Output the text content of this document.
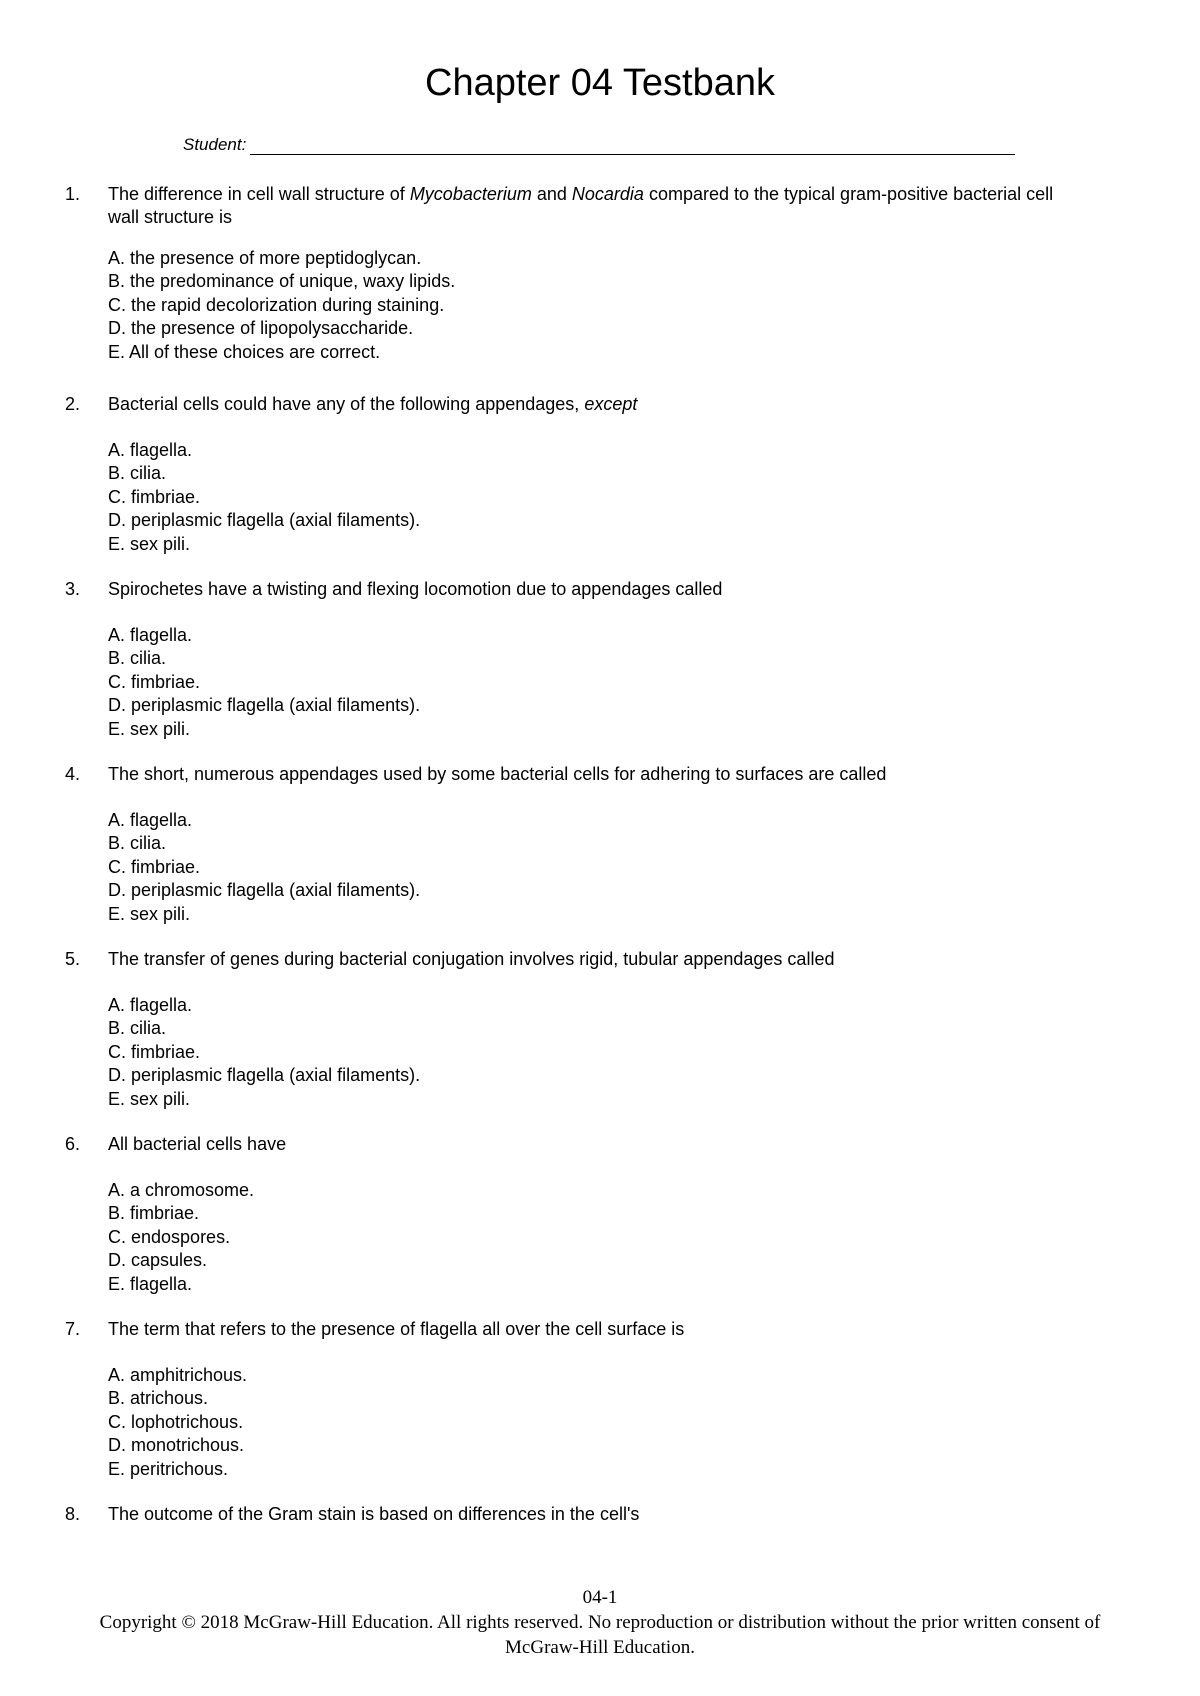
Chapter 04 Testbank
Student:
1. The difference in cell wall structure of Mycobacterium and Nocardia compared to the typical gram-positive bacterial cell wall structure is
A. the presence of more peptidoglycan.
B. the predominance of unique, waxy lipids.
C. the rapid decolorization during staining.
D. the presence of lipopolysaccharide.
E. All of these choices are correct.
2. Bacterial cells could have any of the following appendages, except
A. flagella.
B. cilia.
C. fimbriae.
D. periplasmic flagella (axial filaments).
E. sex pili.
3. Spirochetes have a twisting and flexing locomotion due to appendages called
A. flagella.
B. cilia.
C. fimbriae.
D. periplasmic flagella (axial filaments).
E. sex pili.
4. The short, numerous appendages used by some bacterial cells for adhering to surfaces are called
A. flagella.
B. cilia.
C. fimbriae.
D. periplasmic flagella (axial filaments).
E. sex pili.
5. The transfer of genes during bacterial conjugation involves rigid, tubular appendages called
A. flagella.
B. cilia.
C. fimbriae.
D. periplasmic flagella (axial filaments).
E. sex pili.
6. All bacterial cells have
A. a chromosome.
B. fimbriae.
C. endospores.
D. capsules.
E. flagella.
7. The term that refers to the presence of flagella all over the cell surface is
A. amphitrichous.
B. atrichous.
C. lophotrichous.
D. monotrichous.
E. peritrichous.
8. The outcome of the Gram stain is based on differences in the cell's
04-1
Copyright © 2018 McGraw-Hill Education. All rights reserved. No reproduction or distribution without the prior written consent of McGraw-Hill Education.
